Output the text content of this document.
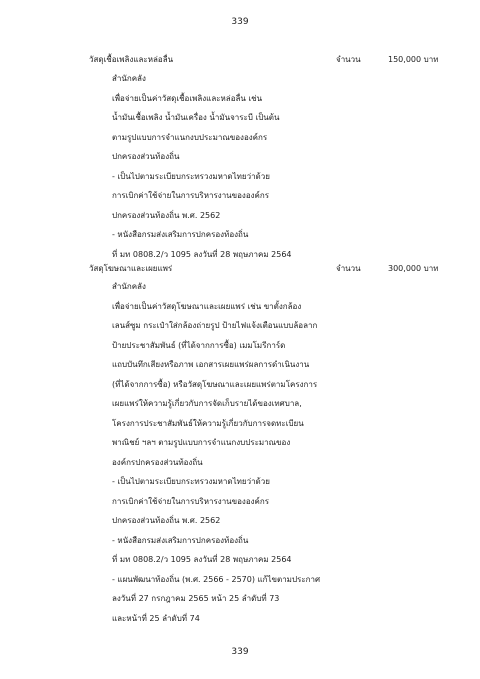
339
วัสดุเชื้อเพลิงและหล่อลื่น	จำนวน	150,000 บาท
สำนักคลัง
เพื่อจ่ายเป็นค่าวัสดุเชื้อเพลิงและหล่อลื่น เช่น
น้ำมันเชื้อเพลิง น้ำมันเครื่อง น้ำมันจาระบี เป็นต้น
ตามรูปแบบการจำแนกงบประมาณขององค์กร
ปกครองส่วนท้องถิ่น
- เป็นไปตามระเบียบกระทรวงมหาดไทยว่าด้วย
การเบิกค่าใช้จ่ายในการบริหารงานขององค์กร
ปกครองส่วนท้องถิ่น พ.ศ. 2562
- หนังสือกรมส่งเสริมการปกครองท้องถิ่น
ที่ มท 0808.2/ว 1095 ลงวันที่ 28 พฤษภาคม 2564
วัสดุโฆษณาและเผยแพร่	จำนวน	300,000 บาท
สำนักคลัง
เพื่อจ่ายเป็นค่าวัสดุโฆษณาและเผยแพร่ เช่น ขาตั้งกล้อง
เลนส์ซูม กระเป๋าใส่กล้องถ่ายรูป ป้ายไฟแจ้งเตือนแบบล้อลาก
ป้ายประชาสัมพันธ์ (ที่ได้จากการซื้อ) เมมโมรีการ์ด
แถบบันทึกเสียงหรือภาพ เอกสารเผยแพร่ผลการดำเนินงาน
(ที่ได้จากการซื้อ) หรือวัสดุโฆษณาและเผยแพร่ตามโครงการ
เผยแพร่ให้ความรู้เกี่ยวกับการจัดเก็บรายได้ของเทศบาล,
โครงการประชาสัมพันธ์ให้ความรู้เกี่ยวกับการจดทะเบียน
พาณิชย์ ฯลฯ ตามรูปแบบการจำแนกงบประมาณของ
องค์กรปกครองส่วนท้องถิ่น
- เป็นไปตามระเบียบกระทรวงมหาดไทยว่าด้วย
การเบิกค่าใช้จ่ายในการบริหารงานขององค์กร
ปกครองส่วนท้องถิ่น พ.ศ. 2562
- หนังสือกรมส่งเสริมการปกครองท้องถิ่น
ที่ มท 0808.2/ว 1095 ลงวันที่ 28 พฤษภาคม 2564
- แผนพัฒนาท้องถิ่น (พ.ศ. 2566 - 2570) แก้ไขตามประกาศ
ลงวันที่ 27 กรกฎาคม 2565 หน้า 25 ลำดับที่ 73
และหน้าที่ 25 ลำดับที่ 74
339
